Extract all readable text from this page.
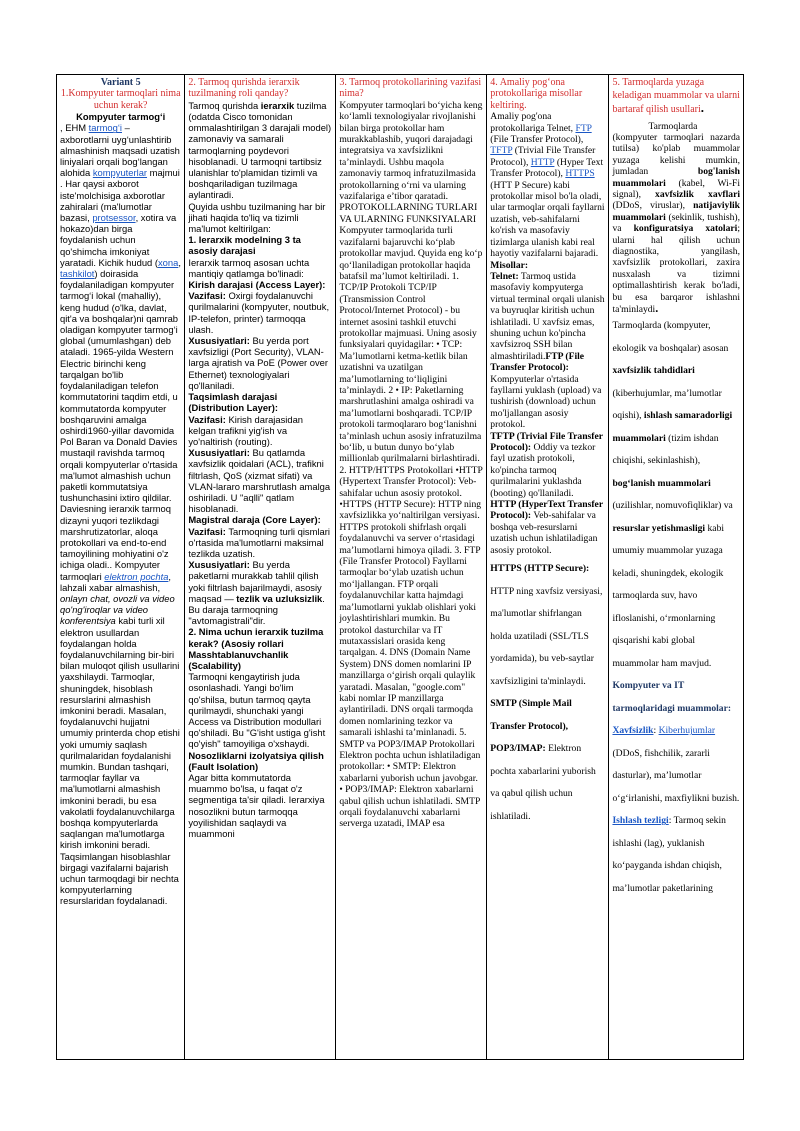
Variant 5

1.Kompyuter tarmoqlari nima uchun kerak?

Kompyuter tarmog‘i
, EHM tarmog‘i – axborotlarni uyg‘unlashtirib almashinish maqsadi uzatish liniyalari orqali bog‘langan alohida kompyuterlar majmui . Har qaysi axborot iste'molchisiga axborotlar zahiralari (ma'lumotlar bazasi, protsessor, xotira va hokazo)dan birga foydalanish uchun qo'shimcha imkoniyat yaratadi. Kichik hudud (xona, tashkilot) doirasida foydalaniladigan kompyuter tarmog‘i lokal (mahalliy), keng hudud (o'lka, davlat, qit'a va boshqalar)ni qamrab oladigan kompyuter tarmog‘i global (umumlashgan) deb ataladi. 1965-yilda Western Electric birinchi keng tarqalgan bo'lib foydalaniladigan telefon kommutatorini taqdim etdi, u kommutatorda kompyuter boshqaruvini amalga oshirdi1960-yillar davomida Pol Baran va Donald Davies mustaqil ravishda tarmoq orqali kompyuterlar o'rtasida ma'lumot almashish uchun paketli kommutatsiya tushunchasini ixtiro qildilar. Daviesning ierarxik tarmoq dizayni yuqori tezlikdagi marshrutizatorlar, aloqa protokollari va end-to-end tamoyilining mohiyatini o'z ichiga oladi.. Kompyuter tarmoqlari elektron pochta, lahzali xabar almashish, onlayn chat, ovozli va video qo'ng'iroqlar va video konferentsiya kabi turli xil elektron usullardan foydalangan holda foydalanuvchilarning bir-biri bilan muloqot qilish usullarini yaxshilaydi. Tarmoqlar, shuningdek, hisoblash resurslarini almashish imkonini beradi. Masalan, foydalanuvchi hujjatni umumiy printerda chop etishi yoki umumiy saqlash qurilmalaridan foydalanishi mumkin. Bundan tashqari, tarmoqlar fayllar va ma'lumotlarni almashish imkonini beradi, bu esa vakolatli foydalanuvchilarga boshqa kompyuterlarda saqlangan ma'lumotlarga kirish imkonini beradi. Taqsimlangan hisoblashlar birgagi vazifalarni bajarish uchun tarmoqdagi bir nechta kompyuterlarning resurslaridan foydalanadi.

2. Tarmoq qurishda ierarxik tuzilmaning roli qanday?

Tarmoq qurishda ierarxik tuzilma (odatda Cisco tomonidan ommalashtirilgan 3 darajali model) zamonaviy va samarali tarmoqlarning poydevori hisoblanadi. U tarmoqni tartibsiz ulanishlar to'plamidan tizimli va boshqariladigan tuzilmaga aylantiradi.

Quyida ushbu tuzilmaning har bir jihati haqida to'liq va tizimli ma'lumot keltirilgan:

1. Ierarxik modelning 3 ta asosiy darajasi

Ierarxik tarmoq asosan uchta mantiqiy qatlamga bo'linadi:

Kirish darajasi (Access Layer):

Vazifasi: Oxirgi foydalanuvchi qurilmalarini (kompyuter, noutbuk, IP-telefon, printer) tarmoqqa ulash.

Xususiyatlari: Bu yerda port xavfsizligi (Port Security), VLAN-larga ajratish va PoE (Power over Ethernet) texnologiyalari qo'llaniladi.

Taqsimlash darajasi (Distribution Layer):

Vazifasi: Kirish darajasidan kelgan trafikni yig'ish va yo'naltirish (routing).

Xususiyatlari: Bu qatlamda xavfsizlik qoidalari (ACL), trafikni filtrlash, QoS (xizmat sifati) va VLAN-lararo marshrutlash amalga oshiriladi. U "aqlli" qatlam hisoblanadi.

Magistral daraja (Core Layer):

Vazifasi: Tarmoqning turli qismlari o'rtasida ma'lumotlarni maksimal tezlikda uzatish.

Xususiyatlari: Bu yerda paketlarni murakkab tahlil qilish yoki filtrlash bajarilmaydi, asosiy maqsad — tezlik va uzluksizlik. Bu daraja tarmoqning "avtomagistrali"dir.

2. Nima uchun ierarxik tuzilma kerak? (Asosiy rollari

Masshtablanuvchanlik (Scalability)

Tarmoqni kengaytirish juda osonlashadi. Yangi bo'lim qo'shilsa, butun tarmoq qayta qurilmaydi, shunchaki yangi Access va Distribution modullari qo'shiladi. Bu "G'isht ustiga g'isht qo'yish" tamoyiliga o'xshaydi.

Nosozliklarni izolyatsiya qilish (Fault Isolation)

Agar bitta kommutatorda muammo bo'lsa, u faqat o'z segmentiga ta'sir qiladi. Ierarxiya nosozlikni butun tarmoqqa yoyilishidan saqlaydi va muammoni

3. Tarmoq protokollarining vazifasi nima?

Kompyuter tarmoqlari bo‘yicha keng ko‘lamli texnologiyalar rivojlanishi bilan birga protokollar ham murakkablashib, yuqori darajadagi integratsiya va xavfsizlikni ta’minlaydi. Ushbu maqola zamonaviy tarmoq infratuzilmasida protokollarning o‘rni va ularning vazifalariga e’tibor qaratadi. PROTOKOLLARNING TURLARI VA ULARNING FUNKSIYALARI Kompyuter tarmoqlarida turli vazifalarni bajaruvchi ko‘plab protokollar mavjud. Quyida eng ko‘p qo‘llaniladigan protokollar haqida batafsil ma’lumot keltiriladi. 1. TCP/IP Protokoli TCP/IP (Transmission Control Protocol/Internet Protocol) - bu internet asosini tashkil etuvchi protokollar majmuasi. Uning asosiy funksiyalari quyidagilar: • TCP: Ma’lumotlarni ketma-ketlik bilan uzatishni va uzatilgan ma’lumotlarning to‘liqligini ta’minlaydi. 2 • IP: Paketlarning marshrutlashini amalga oshiradi va ma’lumotlarni boshqaradi. TCP/IP protokoli tarmoqlararo bog‘lanishni ta’minlash uchun asosiy infratuzilma bo‘lib, u butun dunyo bo‘ylab millionlab qurilmalarni birlashtiradi. 2. HTTP/HTTPS Protokollari •HTTP (Hypertext Transfer Protocol): Veb-sahifalar uchun asosiy protokol. •HTTPS (HTTP Secure): HTTP ning xavfsizlikka yo‘naltirilgan versiyasi. HTTPS protokoli shifrlash orqali foydalanuvchi va server o‘rtasidagi ma’lumotlarni himoya qiladi. 3. FTP (File Transfer Protocol) Fayllarni tarmoqlar bo‘ylab uzatish uchun mo‘ljallangan. FTP orqali foydalanuvchilar katta hajmdagi ma’lumotlarni yuklab olishlari yoki joylashtirishlari mumkin. Bu protokol dasturchilar va IT mutaxassislari orasida keng tarqalgan. 4. DNS (Domain Name System) DNS domen nomlarini IP manzillarga o‘girish orqali qulaylik yaratadi. Masalan, "google.com" kabi nomlar IP manzillarga aylantiriladi. DNS orqali tarmoqda domen nomlarining tezkor va samarali ishlashi ta’minlanadi. 5. SMTP va POP3/IMAP Protokollari Elektron pochta uchun ishlatiladigan protokollar: • SMTP: Elektron xabarlarni yuborish uchun javobgar. • POP3/IMAP: Elektron xabarlarni qabul qilish uchun ishlatiladi. SMTP orqali foydalanuvchi xabarlarni serverga uzatadi, IMAP esa

4. Amaliy pog‘ona protokollariga misollar keltiring.

Amaliy pog'ona protokollariga Telnet, FTP (File Transfer Protocol), TFTP (Trivial File Transfer Protocol), HTTP (Hyper Text Transfer Protocol), HTTPS (HTT P Secure) kabi protokollar misol bo'la oladi, ular tarmoqlar orqali fayllarni uzatish, veb-sahifalarni ko'rish va masofaviy tizimlarga ulanish kabi real hayotiy vazifalarni bajaradi.

Misollar:

Telnet: Tarmoq ustida masofaviy kompyuterga virtual terminal orqali ulanish va buyruqlar kiritish uchun ishlatiladi. U xavfsiz emas, shuning uchun ko'pincha xavfsizroq SSH bilan almashtiriladi.FTP (File Transfer Protocol): Kompyuterlar o'rtasida fayllarni yuklash (upload) va tushirish (download) uchun mo'ljallangan asosiy protokol.

TFTP (Trivial File Transfer Protocol): Oddiy va tezkor fayl uzatish protokoli, ko'pincha tarmoq qurilmalarini yuklashda (booting) qo'llaniladi.

HTTP (HyperText Transfer Protocol): Veb-sahifalar va boshqa veb-resurslarni uzatish uchun ishlatiladigan asosiy protokol.

HTTPS (HTTP Secure): HTTP ning xavfsiz versiyasi, ma'lumotlar shifrlangan holda uzatiladi (SSL/TLS yordamida), bu veb-saytlar xavfsizligini ta'minlaydi.

SMTP (Simple Mail Transfer Protocol), POP3/IMAP: Elektron pochta xabarlarini yuborish va qabul qilish uchun ishlatiladi.

5. Tarmoqlarda yuzaga keladigan muammolar va ularni bartaraf qilish usullari.

Tarmoqlarda (kompyuter tarmoqlari nazarda tutilsa) ko'plab muammolar yuzaga kelishi mumkin, jumladan bog'lanish muammolari (kabel, Wi-Fi signal), xavfsizlik xavflari (DDoS, viruslar), natijaviylik muammolari (sekinlik, tushish), va konfiguratsiya xatolari; ularni hal qilish uchun diagnostika, yangilash, xavfsizlik protokollari, zaxira nusxalash va tizimni optimallashtirish kerak bo'ladi, bu esa barqaror ishlashni ta'minlaydi.

Tarmoqlarda (kompyuter, ekologik va boshqalar) asosan xavfsizlik tahdidlari (kiberhujumlar, ma’lumotlar oqishi), ishlash samaradorligi muammolari (tizim ishdan chiqishi, sekinlashish), bog‘lanish muammolari (uzilishlar, nomuvofiqliklar) va resurslar yetishmasligi kabi umumiy muammolar yuzaga keladi, shuningdek, ekologik tarmoqlarda suv, havo ifloslanishi, o‘rmonlarning qisqarishi kabi global muammolar ham mavjud.

Kompyuter va IT tarmoqlaridagi muammolar:

Xavfsizlik: Kiberhujumlar (DDoS, fishchilik, zararli dasturlar), ma’lumotlar o‘g‘irlanishi, maxfiylikni buzish.

Ishlash tezligi: Tarmoq sekin ishlashi (lag), yuklanish ko‘payganda ishdan chiqish, ma’lumotlar paketlarining
